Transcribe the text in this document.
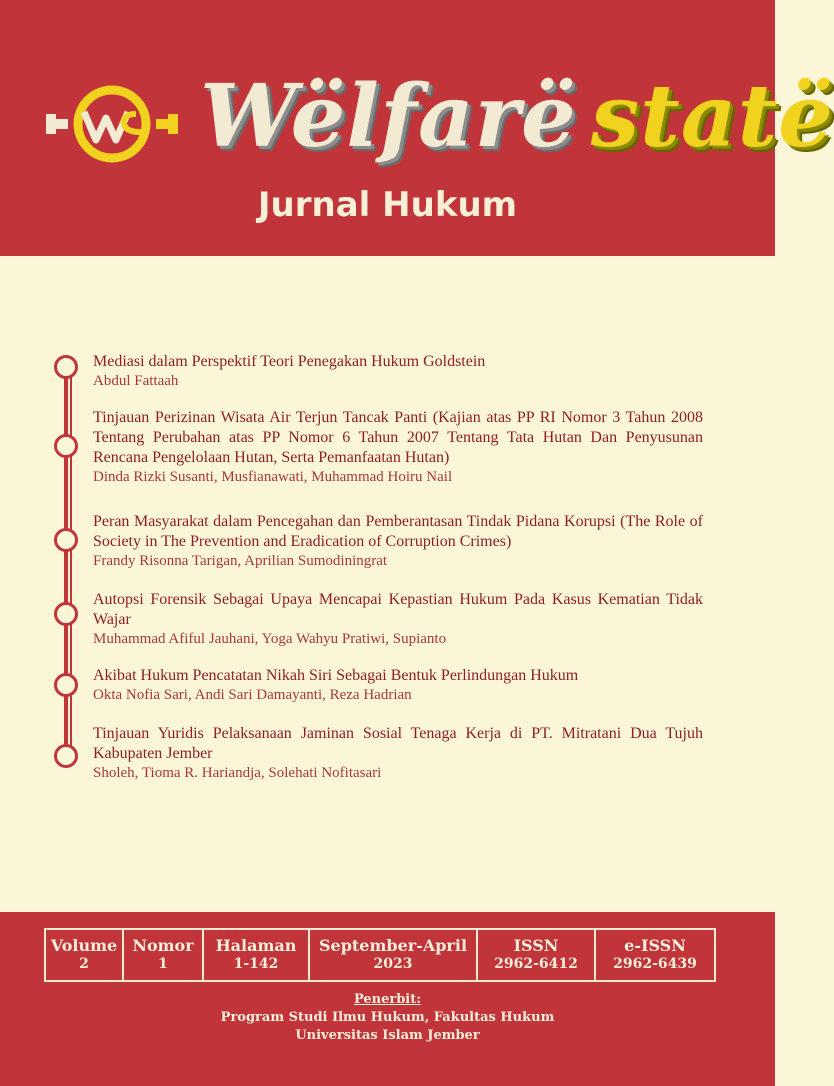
Wëlfarë statë
Jurnal Hukum
Mediasi dalam Perspektif Teori Penegakan Hukum Goldstein
Abdul Fattaah
Tinjauan Perizinan Wisata Air Terjun Tancak Panti (Kajian atas PP RI Nomor 3 Tahun 2008 Tentang Perubahan atas PP Nomor 6 Tahun 2007 Tentang Tata Hutan Dan Penyusunan Rencana Pengelolaan Hutan, Serta Pemanfaatan Hutan)
Dinda Rizki Susanti, Musfianawati, Muhammad Hoiru Nail
Peran Masyarakat dalam Pencegahan dan Pemberantasan Tindak Pidana Korupsi (The Role of Society in The Prevention and Eradication of Corruption Crimes)
Frandy Risonna Tarigan, Aprilian Sumodiningrat
Autopsi Forensik Sebagai Upaya Mencapai Kepastian Hukum Pada Kasus Kematian Tidak Wajar
Muhammad Afiful Jauhani, Yoga Wahyu Pratiwi, Supianto
Akibat Hukum Pencatatan Nikah Siri Sebagai Bentuk Perlindungan Hukum
Okta Nofia Sari, Andi Sari Damayanti, Reza Hadrian
Tinjauan Yuridis Pelaksanaan Jaminan Sosial Tenaga Kerja di PT. Mitratani Dua Tujuh Kabupaten Jember
Sholeh, Tioma R. Hariandja, Solehati Nofitasari
Volume
2
Nomor
1
Halaman
1-142
September-April
2023
ISSN
2962-6412
e-ISSN
2962-6439
Penerbit:
Program Studi Ilmu Hukum, Fakultas Hukum
Universitas Islam Jember
